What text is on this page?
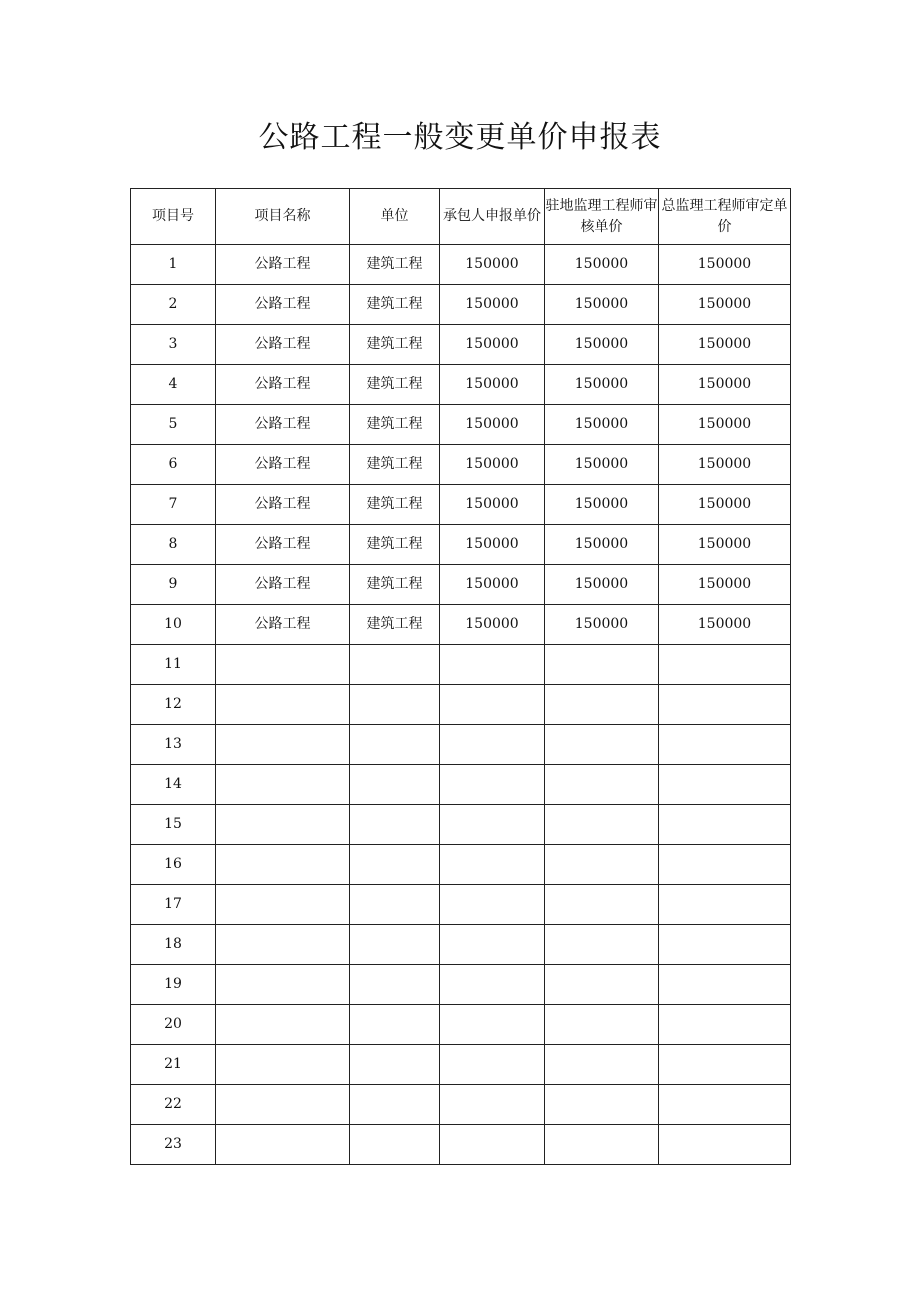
公路工程一般变更单价申报表
项目号	项目名称	单位	承包人申报单价	驻地监理工程师审核单价	总监理工程师审定单价
1	公路工程	建筑工程	150000	150000	150000
2	公路工程	建筑工程	150000	150000	150000
3	公路工程	建筑工程	150000	150000	150000
4	公路工程	建筑工程	150000	150000	150000
5	公路工程	建筑工程	150000	150000	150000
6	公路工程	建筑工程	150000	150000	150000
7	公路工程	建筑工程	150000	150000	150000
8	公路工程	建筑工程	150000	150000	150000
9	公路工程	建筑工程	150000	150000	150000
10	公路工程	建筑工程	150000	150000	150000
11					
12					
13					
14					
15					
16					
17					
18					
19					
20					
21					
22					
23					
